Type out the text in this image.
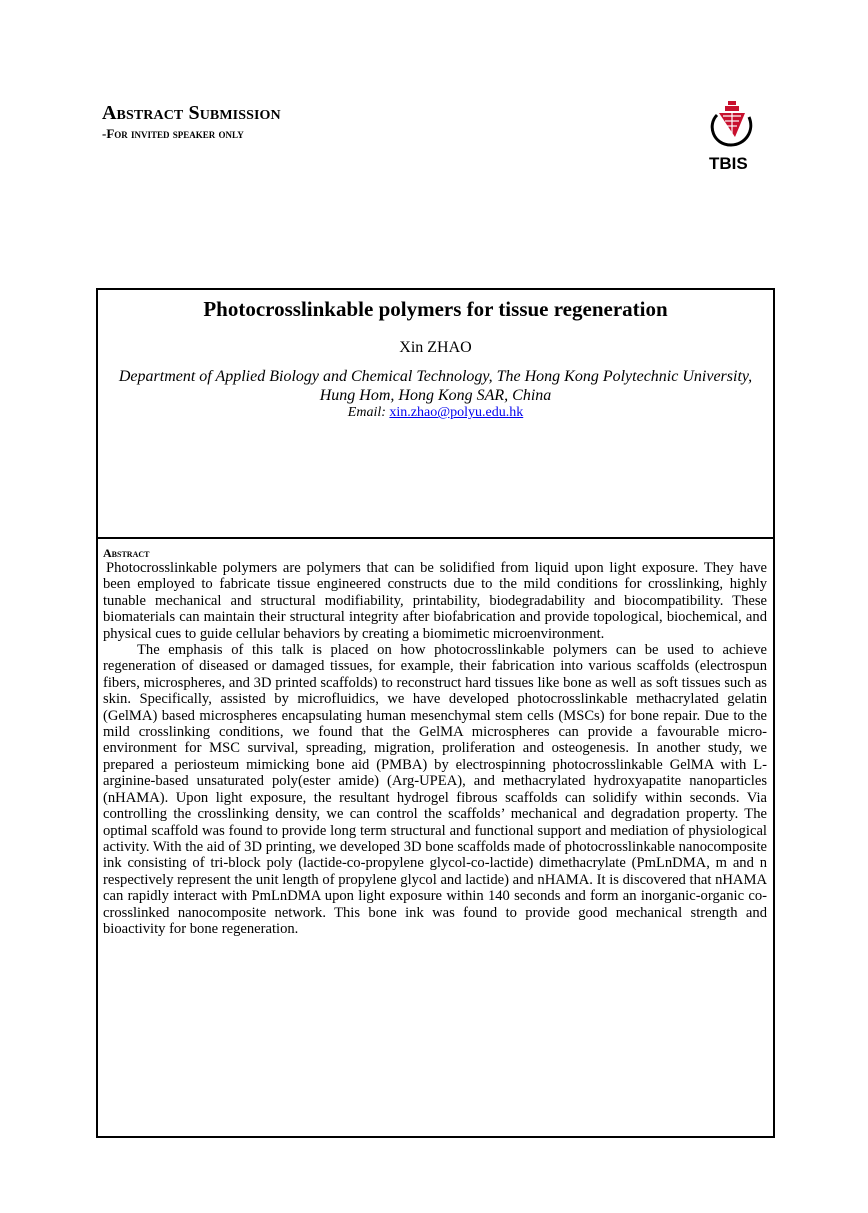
Abstract Submission
-For invited speaker only
TBIS
Photocrosslinkable polymers for tissue regeneration
Xin ZHAO
Department of Applied Biology and Chemical Technology, The Hong Kong Polytechnic University, Hung Hom, Hong Kong SAR, China
Email: xin.zhao@polyu.edu.hk
Abstract

Photocrosslinkable polymers are polymers that can be solidified from liquid upon light exposure. They have been employed to fabricate tissue engineered constructs due to the mild conditions for crosslinking, highly tunable mechanical and structural modifiability, printability, biodegradability and biocompatibility. These biomaterials can maintain their structural integrity after biofabrication and provide topological, biochemical, and physical cues to guide cellular behaviors by creating a biomimetic microenvironment.

The emphasis of this talk is placed on how photocrosslinkable polymers can be used to achieve regeneration of diseased or damaged tissues, for example, their fabrication into various scaffolds (electrospun fibers, microspheres, and 3D printed scaffolds) to reconstruct hard tissues like bone as well as soft tissues such as skin. Specifically, assisted by microfluidics, we have developed photocrosslinkable methacrylated gelatin (GelMA) based microspheres encapsulating human mesenchymal stem cells (MSCs) for bone repair. Due to the mild crosslinking conditions, we found that the GelMA microspheres can provide a favourable micro-environment for MSC survival, spreading, migration, proliferation and osteogenesis. In another study, we prepared a periosteum mimicking bone aid (PMBA) by electrospinning photocrosslinkable GelMA with L-arginine-based unsaturated poly(ester amide) (Arg-UPEA), and methacrylated hydroxyapatite nanoparticles (nHAMA). Upon light exposure, the resultant hydrogel fibrous scaffolds can solidify within seconds. Via controlling the crosslinking density, we can control the scaffolds’ mechanical and degradation property. The optimal scaffold was found to provide long term structural and functional support and mediation of physiological activity. With the aid of 3D printing, we developed 3D bone scaffolds made of photocrosslinkable nanocomposite ink consisting of tri-block poly (lactide-co-propylene glycol-co-lactide) dimethacrylate (PmLnDMA, m and n respectively represent the unit length of propylene glycol and lactide) and nHAMA. It is discovered that nHAMA can rapidly interact with PmLnDMA upon light exposure within 140 seconds and form an inorganic-organic co-crosslinked nanocomposite network. This bone ink was found to provide good mechanical strength and bioactivity for bone regeneration.
